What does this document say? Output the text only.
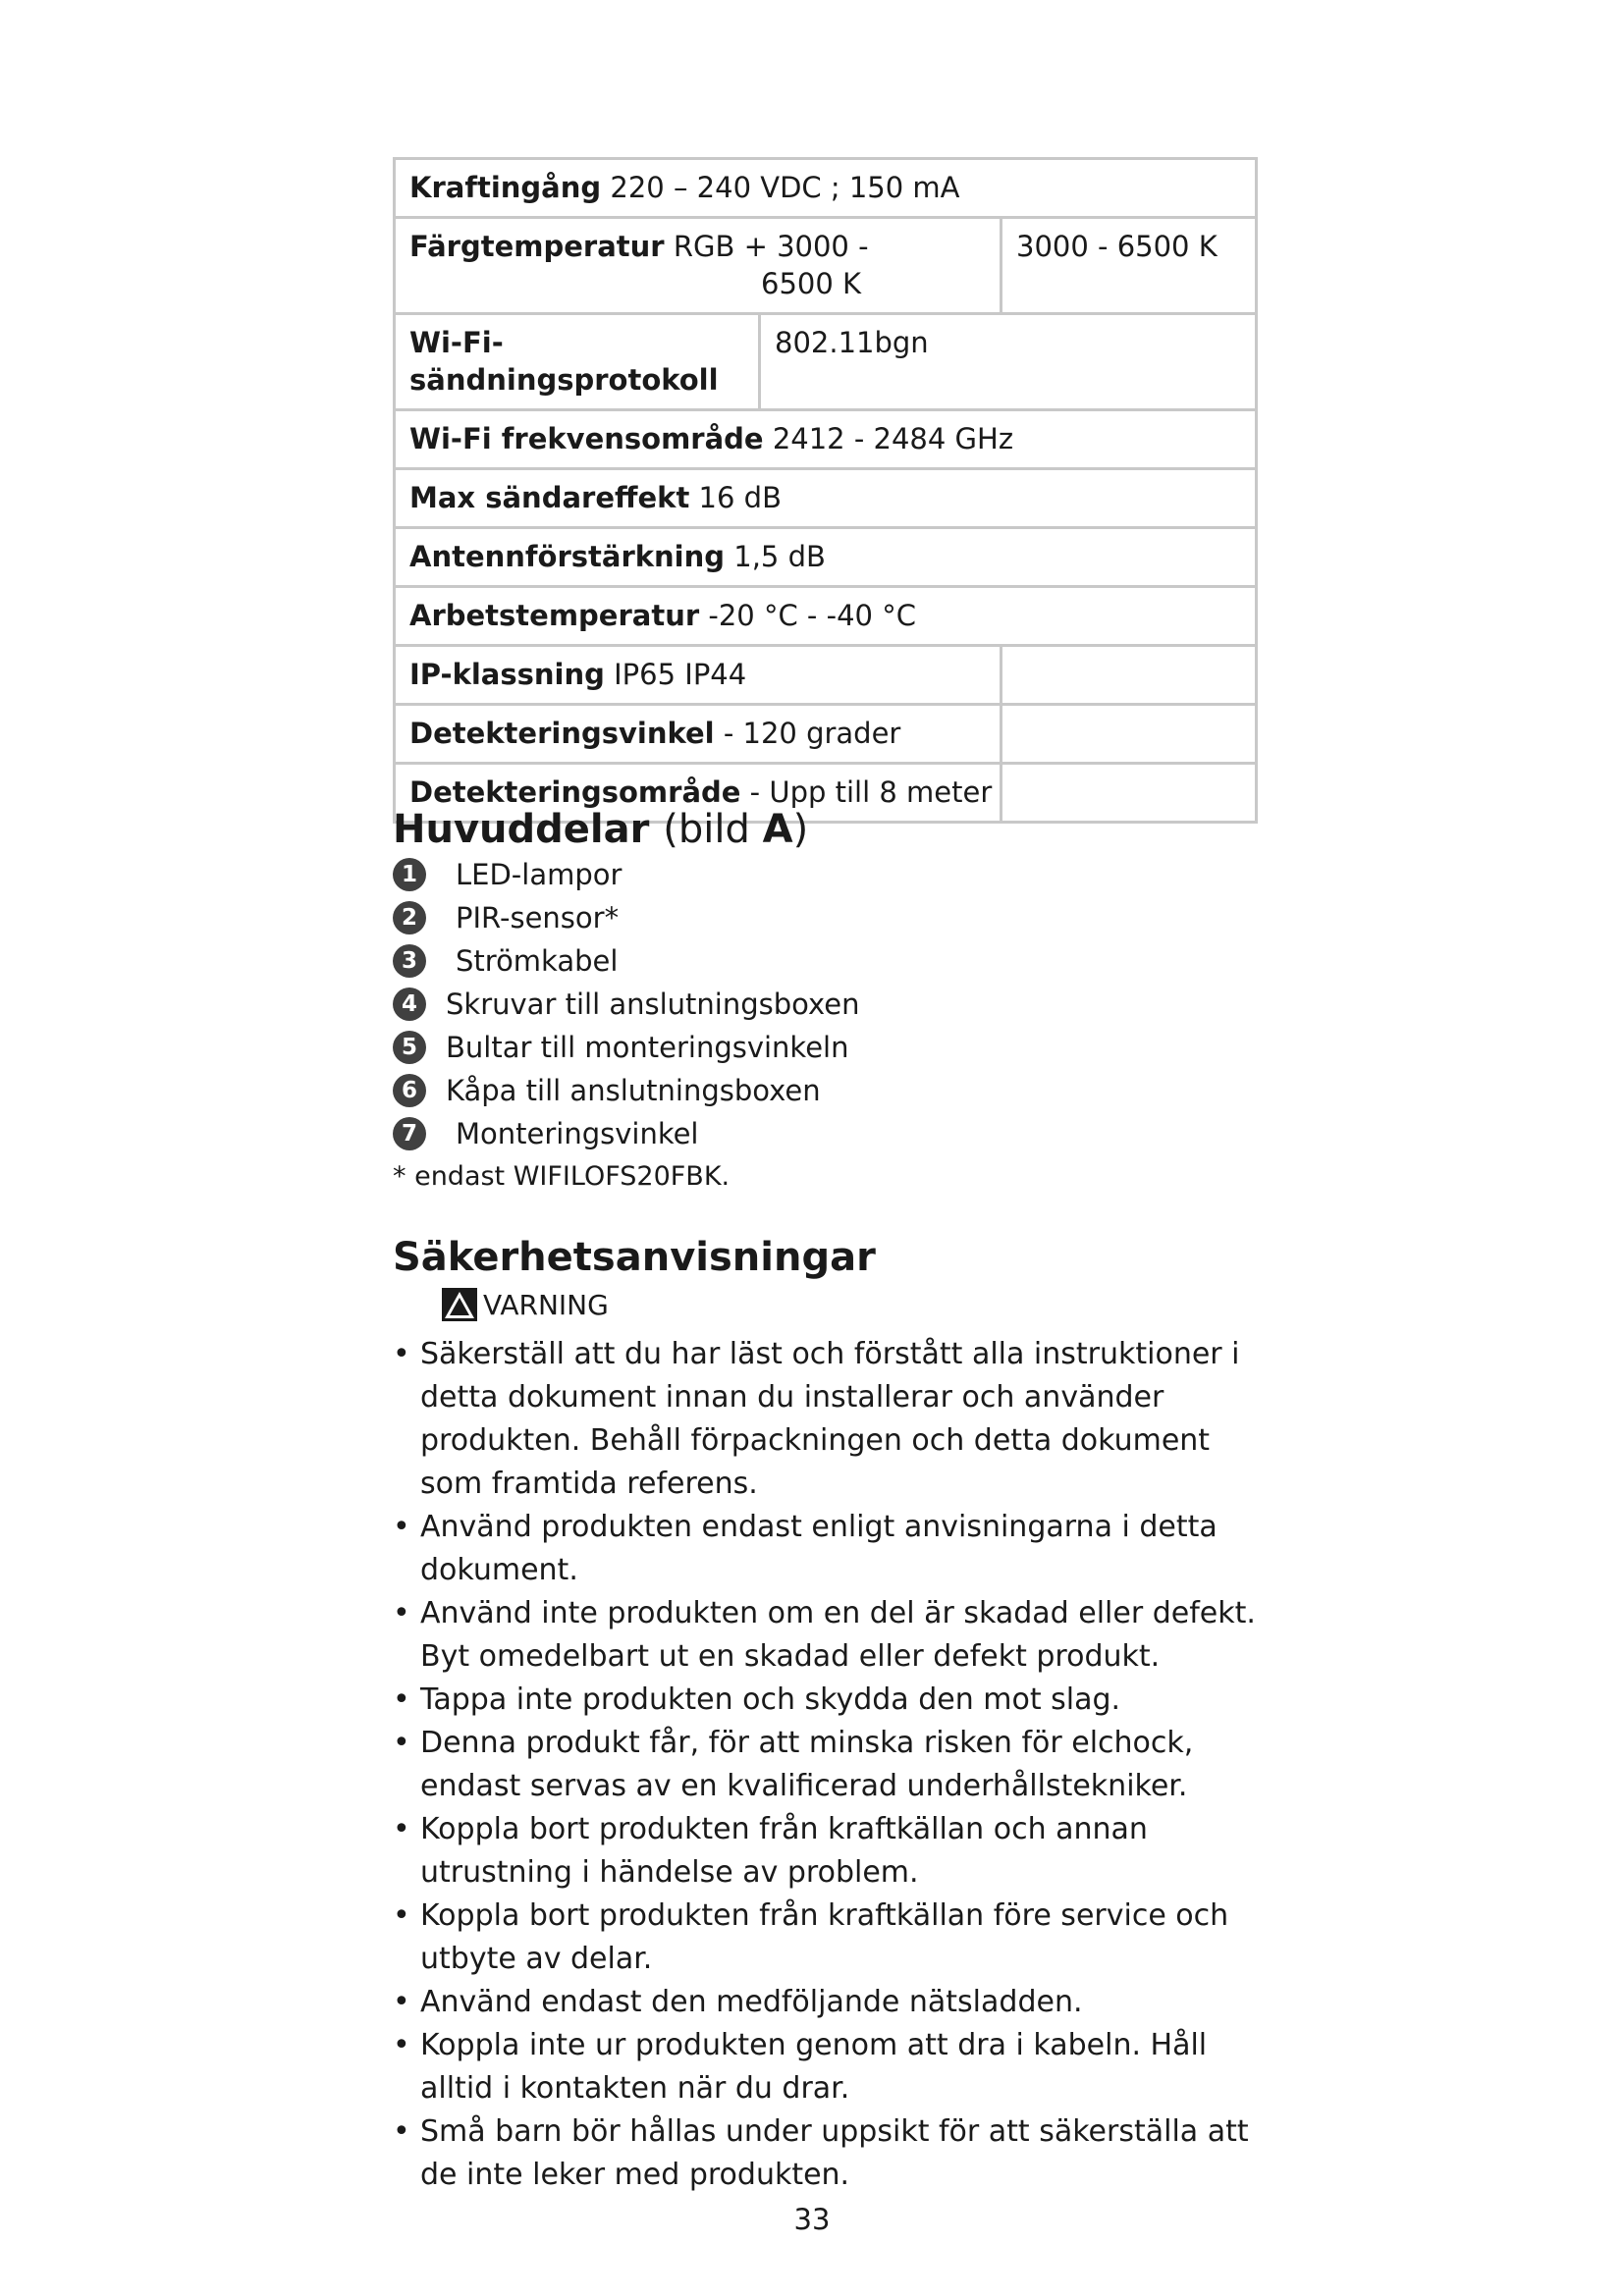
Kraftingång 220 – 240 VDC ; 150 mA		
Färgtemperatur RGB + 3000 -
6500 K		3000 - 6500 K
Wi-Fi-
sändningsprotokoll	802.11bgn	
Wi-Fi frekvensområde 2412 - 2484 GHz		
Max sändareffekt 16 dB		
Antennförstärkning 1,5 dB		
Arbetstemperatur -20 °C - -40 °C		
IP-klassning IP65 IP44		
Detekteringsvinkel - 120 grader		
Detekteringsområde - Upp till 8 meter		
Huvuddelar (bild A)
1	LED-lampor
2	PIR-sensor*
3	Strömkabel
4	Skruvar till anslutningsboxen
5	Bultar till monteringsvinkeln
6	Kåpa till anslutningsboxen
7	Monteringsvinkel
* endast WIFILOFS20FBK.
Säkerhetsanvisningar
VARNING
• Säkerställ att du har läst och förstått alla instruktioner i detta dokument innan du installerar och använder produkten. Behåll förpackningen och detta dokument som framtida referens.
• Använd produkten endast enligt anvisningarna i detta dokument.
• Använd inte produkten om en del är skadad eller defekt. Byt omedelbart ut en skadad eller defekt produkt.
• Tappa inte produkten och skydda den mot slag.
• Denna produkt får, för att minska risken för elchock, endast servas av en kvalificerad underhållstekniker.
• Koppla bort produkten från kraftkällan och annan utrustning i händelse av problem.
• Koppla bort produkten från kraftkällan före service och utbyte av delar.
• Använd endast den medföljande nätsladden.
• Koppla inte ur produkten genom att dra i kabeln. Håll alltid i kontakten när du drar.
• Små barn bör hållas under uppsikt för att säkerställa att de inte leker med produkten.
33
